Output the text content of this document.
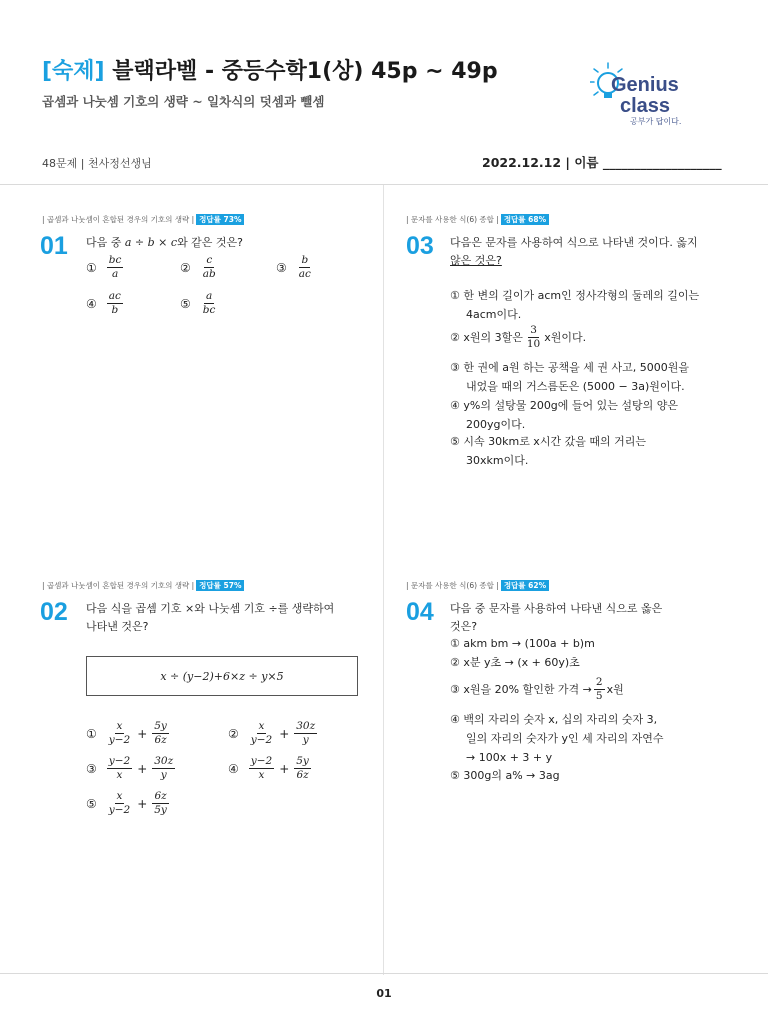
[숙제] 블랙라벨 - 중등수학1(상) 45p ~ 49p
곱셈과 나눗셈 기호의 생략 ~ 일차식의 덧셈과 뺄셈
Genius
class
공부가 답이다.
48문제 | 천사정선생님	2022.12.12 | 이름 ___________________
| 곱셈과 나눗셈이 혼합된 경우의 기호의 생략 | 정답률 73%
01 다음 중 a ÷ b × c와 같은 것은?
① $\frac{bc}{a}$	② $\frac{c}{ab}$	③ $\frac{b}{ac}$
④ $\frac{ac}{b}$	⑤ $\frac{a}{bc}$
| 곱셈과 나눗셈이 혼합된 경우의 기호의 생략 | 정답률 57%
02 다음 식을 곱셈 기호 ×와 나눗셈 기호 ÷를 생략하여
나타낸 것은?
x ÷ (y−2)+6×z ÷ y×5
① $\frac{x}{y-2} + \frac{5y}{6z}$	② $\frac{x}{y-2} + \frac{30z}{y}$
③ $\frac{y-2}{x} + \frac{30z}{y}$	④ $\frac{y-2}{x} + \frac{5y}{6z}$
⑤ $\frac{x}{y-2} + \frac{6z}{5y}$
| 문자를 사용한 식(6) 종합 | 정답률 68%
03 다음은 문자를 사용하여 식으로 나타낸 것이다. 옳지
않은 것은?
① 한 변의 길이가 acm인 정사각형의 둘레의 길이는
4acm이다.
② x원의 3할은 $\frac{3}{10}$ x원이다.
③ 한 권에 a원 하는 공책을 세 권 사고, 5000원을
내었을 때의 거스름돈은 (5000 − 3a)원이다.
④ y%의 설탕물 200g에 들어 있는 설탕의 양은
200yg이다.
⑤ 시속 30km로 x시간 갔을 때의 거리는
30xkm이다.
| 문자를 사용한 식(6) 종합 | 정답률 62%
04 다음 중 문자를 사용하여 나타낸 식으로 옳은
것은?
① akm bm → (100a + b)m
② x분 y초 → (x + 60y)초
③ x원을 20% 할인한 가격 → $\frac{2}{5}$ x원
④ 백의 자리의 숫자 x, 십의 자리의 숫자 3,
일의 자리의 숫자가 y인 세 자리의 자연수
→ 100x + 3 + y
⑤ 300g의 a% → 3ag
01
